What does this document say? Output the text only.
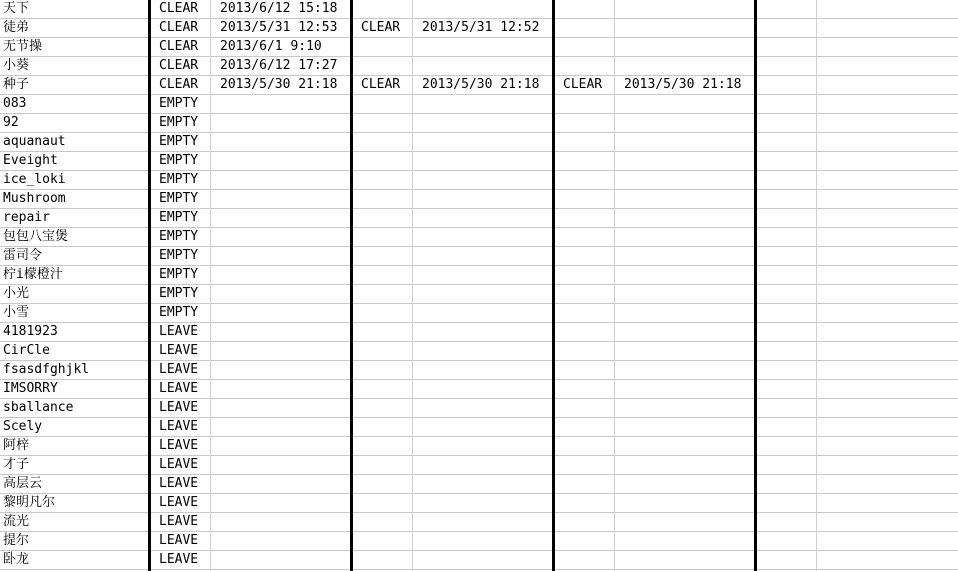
天下	CLEAR	2013/6/12 15:18
徒弟	CLEAR	2013/5/31 12:53	CLEAR	2013/5/31 12:52
无节操	CLEAR	2013/6/1 9:10
小葵	CLEAR	2013/6/12 17:27
种子	CLEAR	2013/5/30 21:18	CLEAR	2013/5/30 21:18	CLEAR	2013/5/30 21:18
083	EMPTY
92	EMPTY
aquanaut	EMPTY
Eveight	EMPTY
ice_loki	EMPTY
Mushroom	EMPTY
repair	EMPTY
包包八宝煲	EMPTY
雷司令	EMPTY
柠i檬橙汁	EMPTY
小光	EMPTY
小雪	EMPTY
4181923	LEAVE
CirCle	LEAVE
fsasdfghjkl	LEAVE
IMSORRY	LEAVE
sballance	LEAVE
Scely	LEAVE
阿梓	LEAVE
才子	LEAVE
高层云	LEAVE
黎明凡尔	LEAVE
流光	LEAVE
提尔	LEAVE
卧龙	LEAVE
